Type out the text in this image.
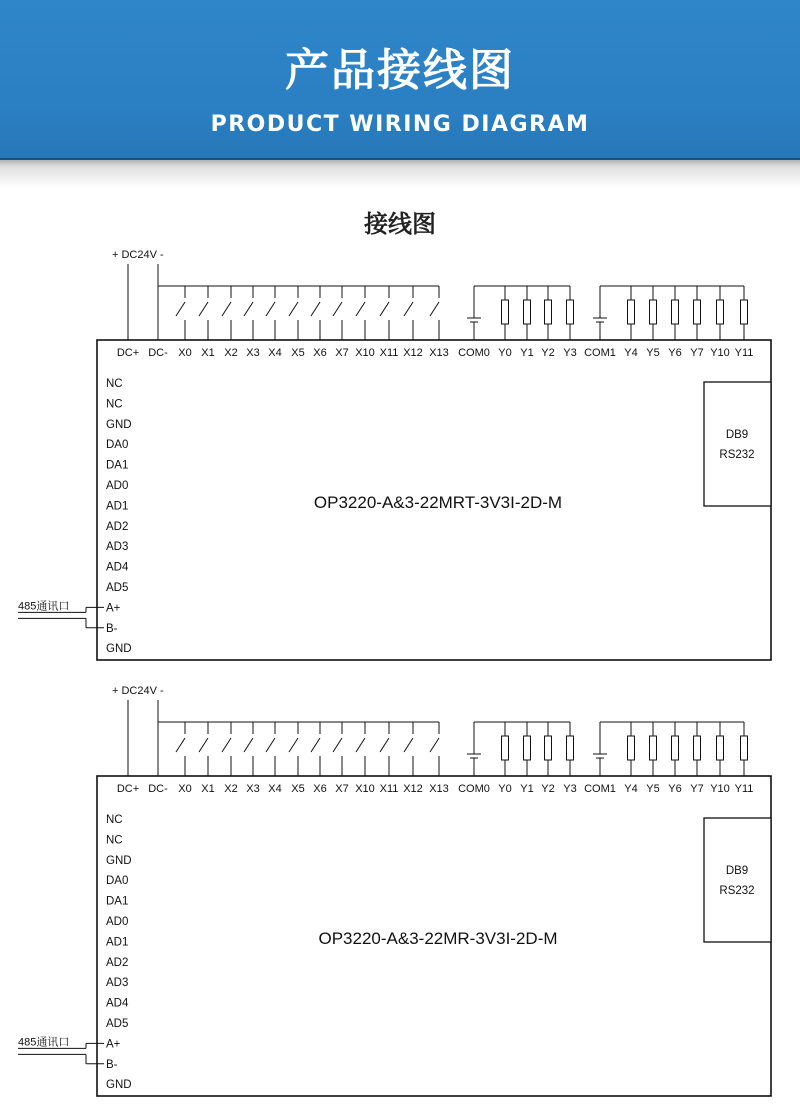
产品接线图
PRODUCT WIRING DIAGRAM
接线图
+ DC24V -
DC+ DC- X0 X1 X2 X3 X4 X5 X6 X7 X10 X11 X12 X13 COM0 Y0 Y1 Y2 Y3 COM1 Y4 Y5 Y6 Y7 Y10 Y11
NC
NC
GND
DA0
DA1
AD0
AD1
AD2
AD3
AD4
AD5
A+
B-
GND
485通讯口
DB9
RS232
OP3220-A&3-22MRT-3V3I-2D-M
+ DC24V -
DC+ DC- X0 X1 X2 X3 X4 X5 X6 X7 X10 X11 X12 X13 COM0 Y0 Y1 Y2 Y3 COM1 Y4 Y5 Y6 Y7 Y10 Y11
NC
NC
GND
DA0
DA1
AD0
AD1
AD2
AD3
AD4
AD5
A+
B-
GND
485通讯口
DB9
RS232
OP3220-A&3-22MR-3V3I-2D-M
